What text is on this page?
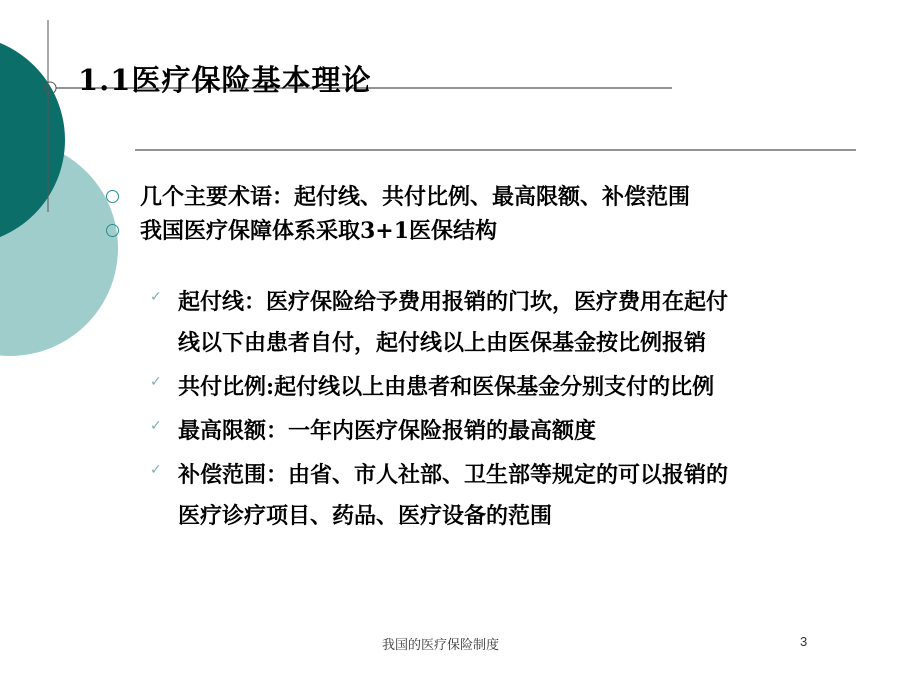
1.1医疗保险基本理论
几个主要术语：起付线、共付比例、最高限额、补偿范围
我国医疗保障体系采取3+1医保结构
✓ 起付线：医疗保险给予费用报销的门坎，医疗费用在起付
线以下由患者自付，起付线以上由医保基金按比例报销
✓ 共付比例:起付线以上由患者和医保基金分别支付的比例
✓ 最高限额：一年内医疗保险报销的最高额度
✓ 补偿范围：由省、市人社部、卫生部等规定的可以报销的
医疗诊疗项目、药品、医疗设备的范围
我国的医疗保险制度	3
